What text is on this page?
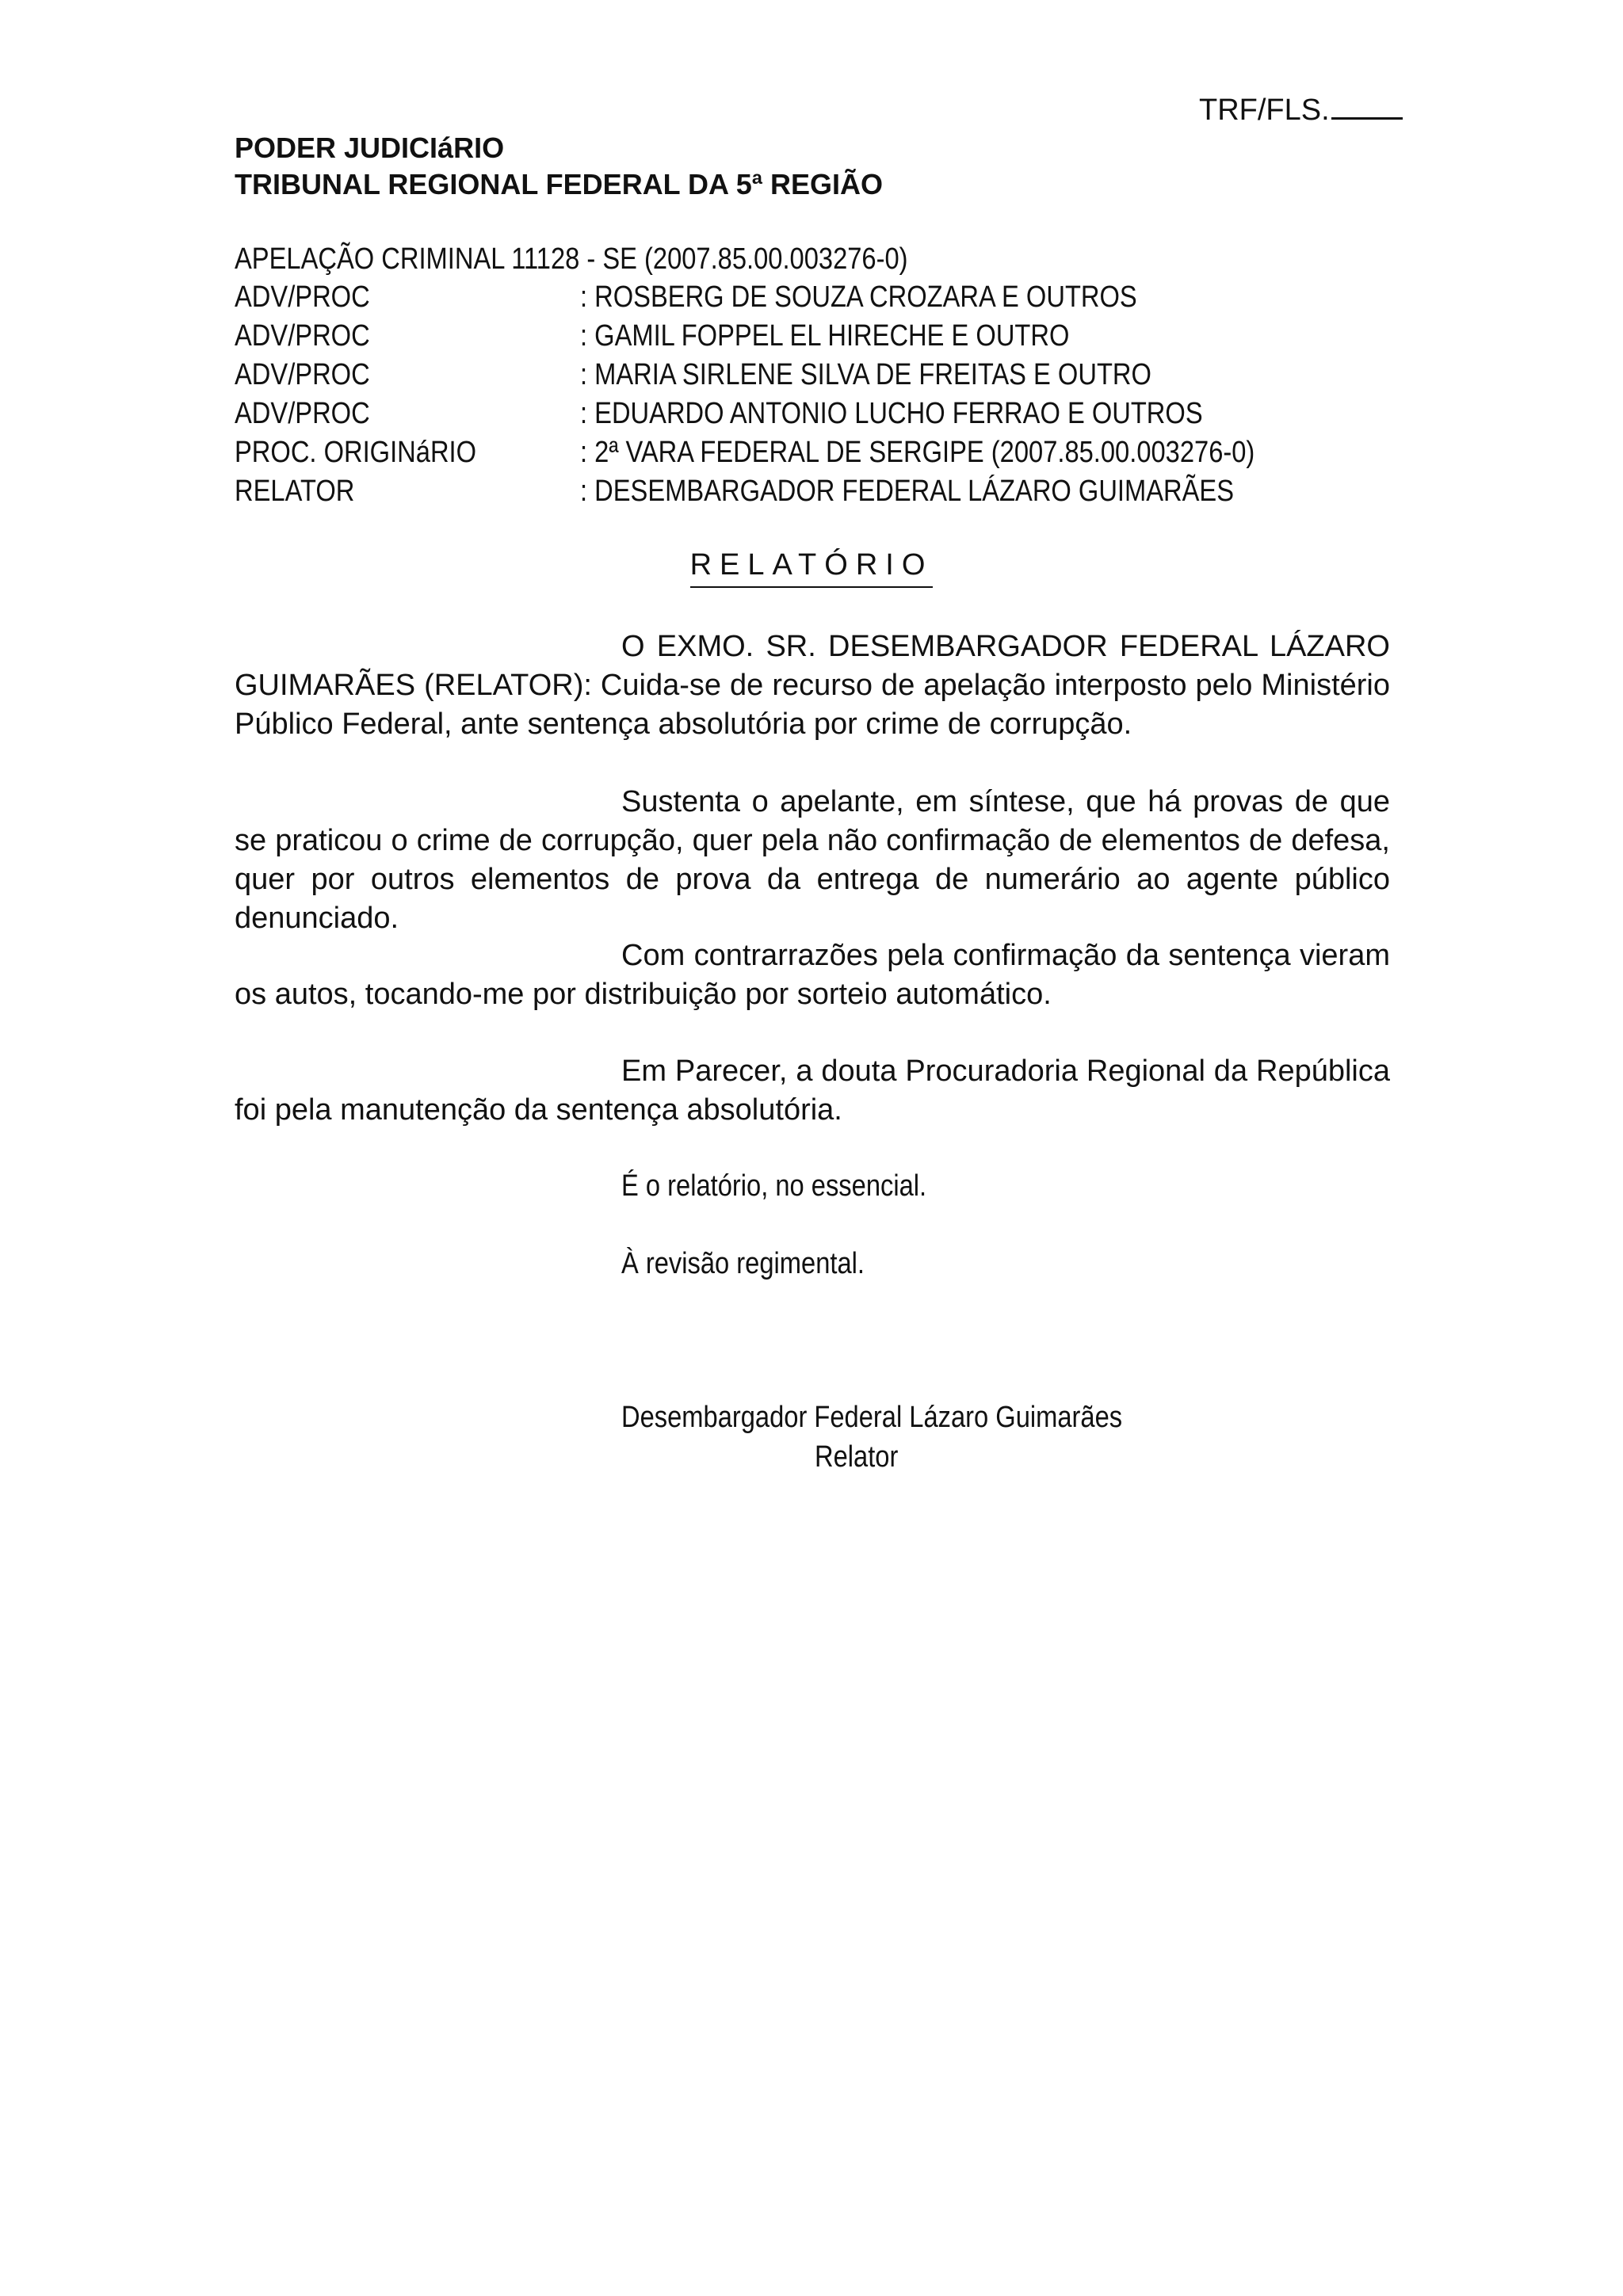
TRF/FLS.
PODER JUDICIáRIO
TRIBUNAL REGIONAL FEDERAL DA 5ª REGIÃO
APELAÇÃO CRIMINAL 11128 - SE (2007.85.00.003276-0)
ADV/PROC	: ROSBERG DE SOUZA CROZARA E OUTROS
ADV/PROC	: GAMIL FOPPEL EL HIRECHE E OUTRO
ADV/PROC	: MARIA SIRLENE SILVA DE FREITAS E OUTRO
ADV/PROC	: EDUARDO ANTONIO LUCHO FERRAO E OUTROS
PROC. ORIGINáRIO	: 2ª VARA FEDERAL DE SERGIPE (2007.85.00.003276-0)
RELATOR	: DESEMBARGADOR FEDERAL LÁZARO GUIMARÃES
RELATÓRIO
O EXMO. SR. DESEMBARGADOR FEDERAL LÁZARO GUIMARÃES (RELATOR): Cuida-se de recurso de apelação interposto pelo Ministério Público Federal, ante sentença absolutória por crime de corrupção.
Sustenta o apelante, em síntese, que há provas de que se praticou o crime de corrupção, quer pela não confirmação de elementos de defesa, quer por outros elementos de prova da entrega de numerário ao agente público denunciado.
Com contrarrazões pela confirmação da sentença vieram os autos, tocando-me por distribuição por sorteio automático.
Em Parecer, a douta Procuradoria Regional da República foi pela manutenção da sentença absolutória.
É o relatório, no essencial.
À revisão regimental.
Desembargador Federal Lázaro Guimarães
Relator
